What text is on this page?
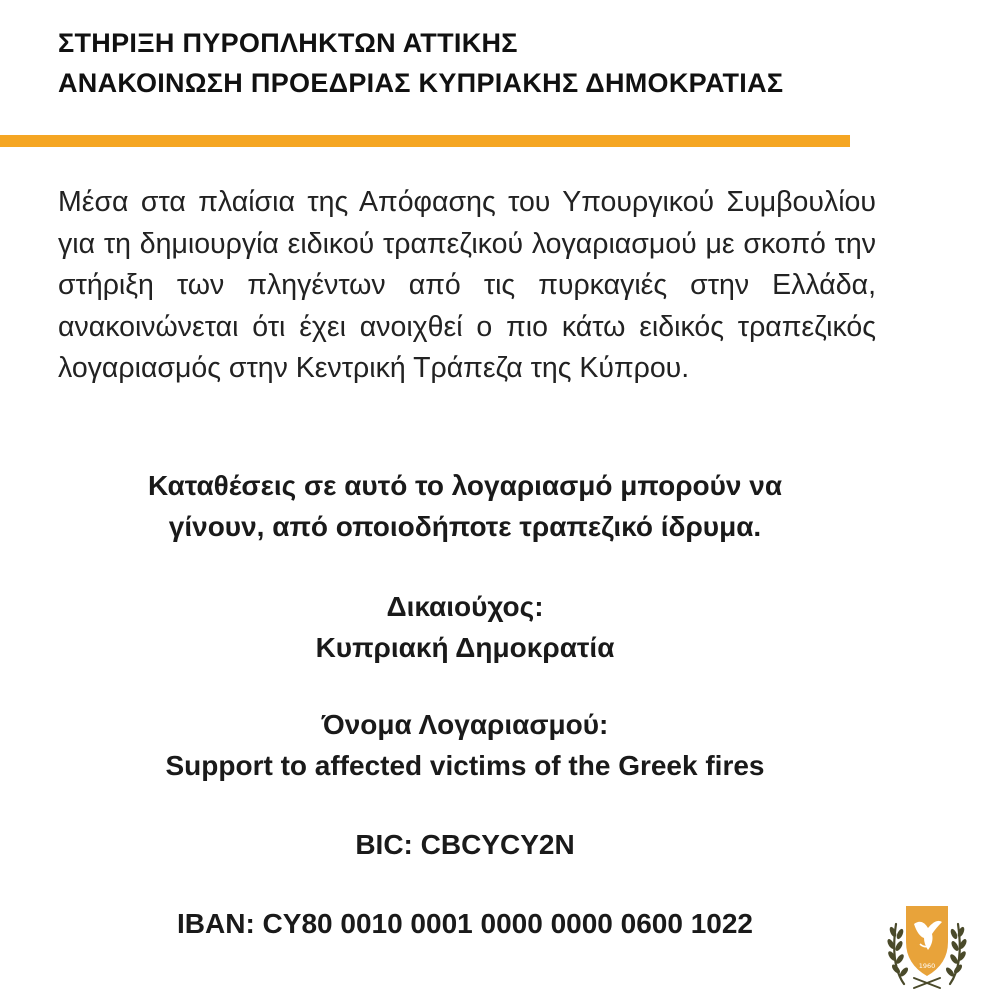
ΣΤΗΡΙΞΗ ΠΥΡΟΠΛΗΚΤΩΝ ΑΤΤΙΚΗΣ
ΑΝΑΚΟΙΝΩΣΗ ΠΡΟΕΔΡΙΑΣ ΚΥΠΡΙΑΚΗΣ ΔΗΜΟΚΡΑΤΙΑΣ

Μέσα στα πλαίσια της Απόφασης του Υπουργικού Συμβουλίου για τη δημιουργία ειδικού τραπεζικού λογαριασμού με σκοπό την στήριξη των πληγέντων από τις πυρκαγιές στην Ελλάδα, ανακοινώνεται ότι έχει ανοιχθεί ο πιο κάτω ειδικός τραπεζικός λογαριασμός στην Κεντρική Τράπεζα της Κύπρου.

Καταθέσεις σε αυτό το λογαριασμό μπορούν να
γίνουν, από οποιοδήποτε τραπεζικό ίδρυμα.
Δικαιούχος:
Κυπριακή Δημοκρατία
Όνομα Λογαριασμού:
Support to affected victims of the Greek fires
BIC: CBCYCY2N
IBAN: CY80 0010 0001 0000 0000 0600 1022
1960
